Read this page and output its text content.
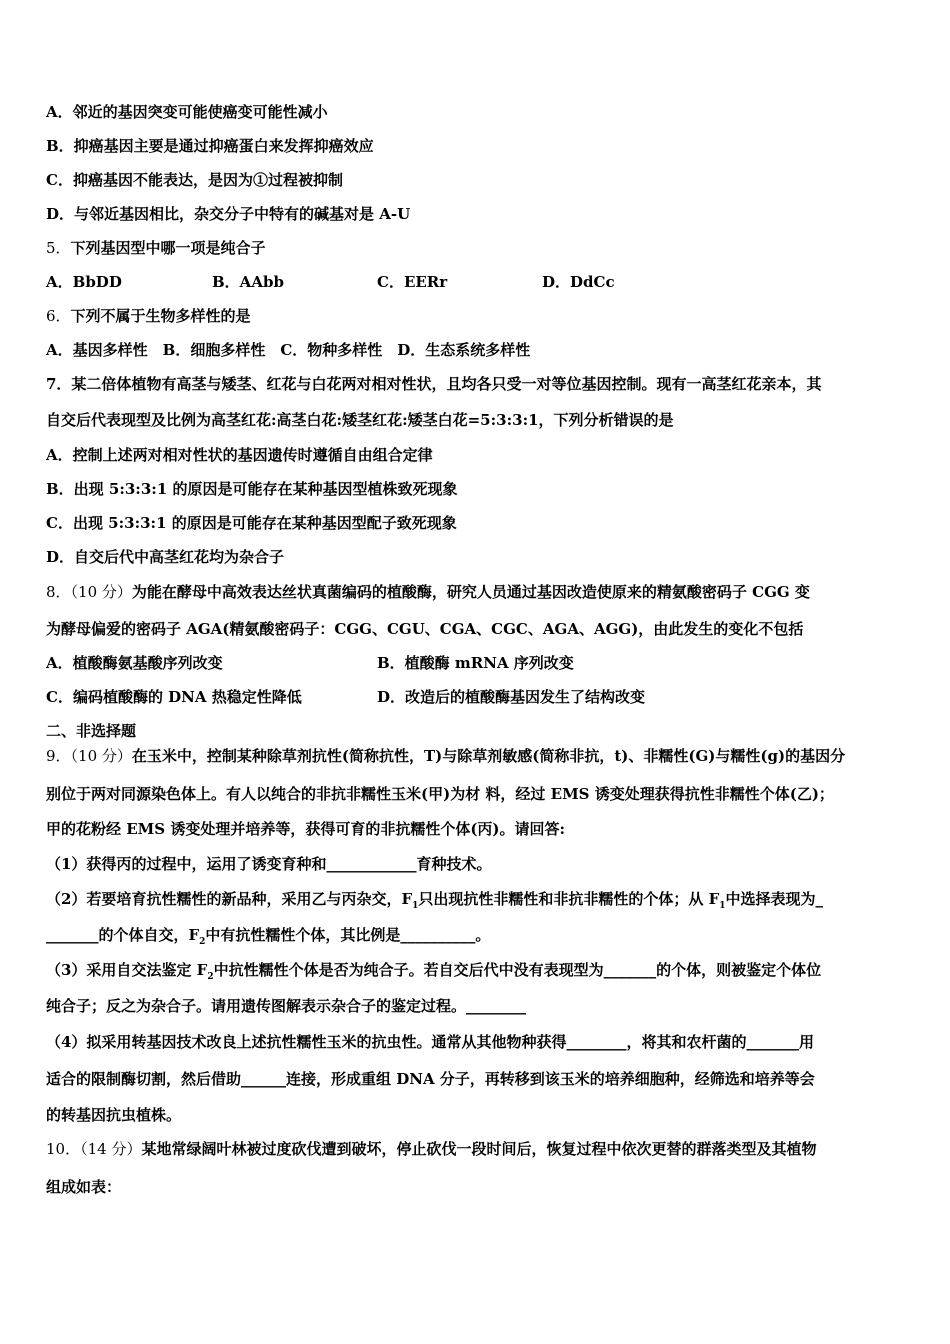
A．邻近的基因突变可能使癌变可能性减小
B．抑癌基因主要是通过抑癌蛋白来发挥抑癌效应
C．抑癌基因不能表达，是因为①过程被抑制
D．与邻近基因相比，杂交分子中特有的碱基对是 A-U
5．下列基因型中哪一项是纯合子
A．BbDD	B．AAbb	C．EERr	D．DdCc
6．下列不属于生物多样性的是
A．基因多样性　B．细胞多样性　C．物种多样性　D．生态系统多样性
7．某二倍体植物有高茎与矮茎、红花与白花两对相对性状，且均各只受一对等位基因控制。现有一高茎红花亲本，其
自交后代表现型及比例为高茎红花:高茎白花:矮茎红花:矮茎白花=5:3:3:1，下列分析错误的是
A．控制上述两对相对性状的基因遗传时遵循自由组合定律
B．出现 5:3:3:1 的原因是可能存在某种基因型植株致死现象
C．出现 5:3:3:1 的原因是可能存在某种基因型配子致死现象
D．自交后代中高茎红花均为杂合子
8．（10 分）为能在酵母中高效表达丝状真菌编码的植酸酶，研究人员通过基因改造使原来的精氨酸密码子 CGG 变
为酵母偏爱的密码子 AGA(精氨酸密码子：CGG、CGU、CGA、CGC、AGA、AGG)，由此发生的变化不包括
A．植酸酶氨基酸序列改变	B．植酸酶 mRNA 序列改变
C．编码植酸酶的 DNA 热稳定性降低	D．改造后的植酸酶基因发生了结构改变
二、非选择题
9．（10 分）在玉米中，控制某种除草剂抗性(简称抗性，T)与除草剂敏感(简称非抗，t)、非糯性(G)与糯性(g)的基因分
别位于两对同源染色体上。有人以纯合的非抗非糯性玉米(甲)为材 料，经过 EMS 诱变处理获得抗性非糯性个体(乙)；
甲的花粉经 EMS 诱变处理并培养等，获得可育的非抗糯性个体(丙)。请回答:
（1）获得丙的过程中，运用了诱变育种和____________育种技术。
（2）若要培育抗性糯性的新品种，采用乙与丙杂交，$F_1$只出现抗性非糯性和非抗非糯性的个体；从 $F_1$中选择表现为_
_______的个体自交，$F_2$中有抗性糯性个体，其比例是__________。
（3）采用自交法鉴定 $F_2$中抗性糯性个体是否为纯合子。若自交后代中没有表现型为_______的个体，则被鉴定个体位
纯合子；反之为杂合子。请用遗传图解表示杂合子的鉴定过程。________
（4）拟采用转基因技术改良上述抗性糯性玉米的抗虫性。通常从其他物种获得________，将其和农杆菌的_______用
适合的限制酶切割，然后借助______连接，形成重组 DNA 分子，再转移到该玉米的培养细胞种，经筛选和培养等会
的转基因抗虫植株。
10．（14 分）某地常绿阔叶林被过度砍伐遭到破坏，停止砍伐一段时间后，恢复过程中依次更替的群落类型及其植物
组成如表：
